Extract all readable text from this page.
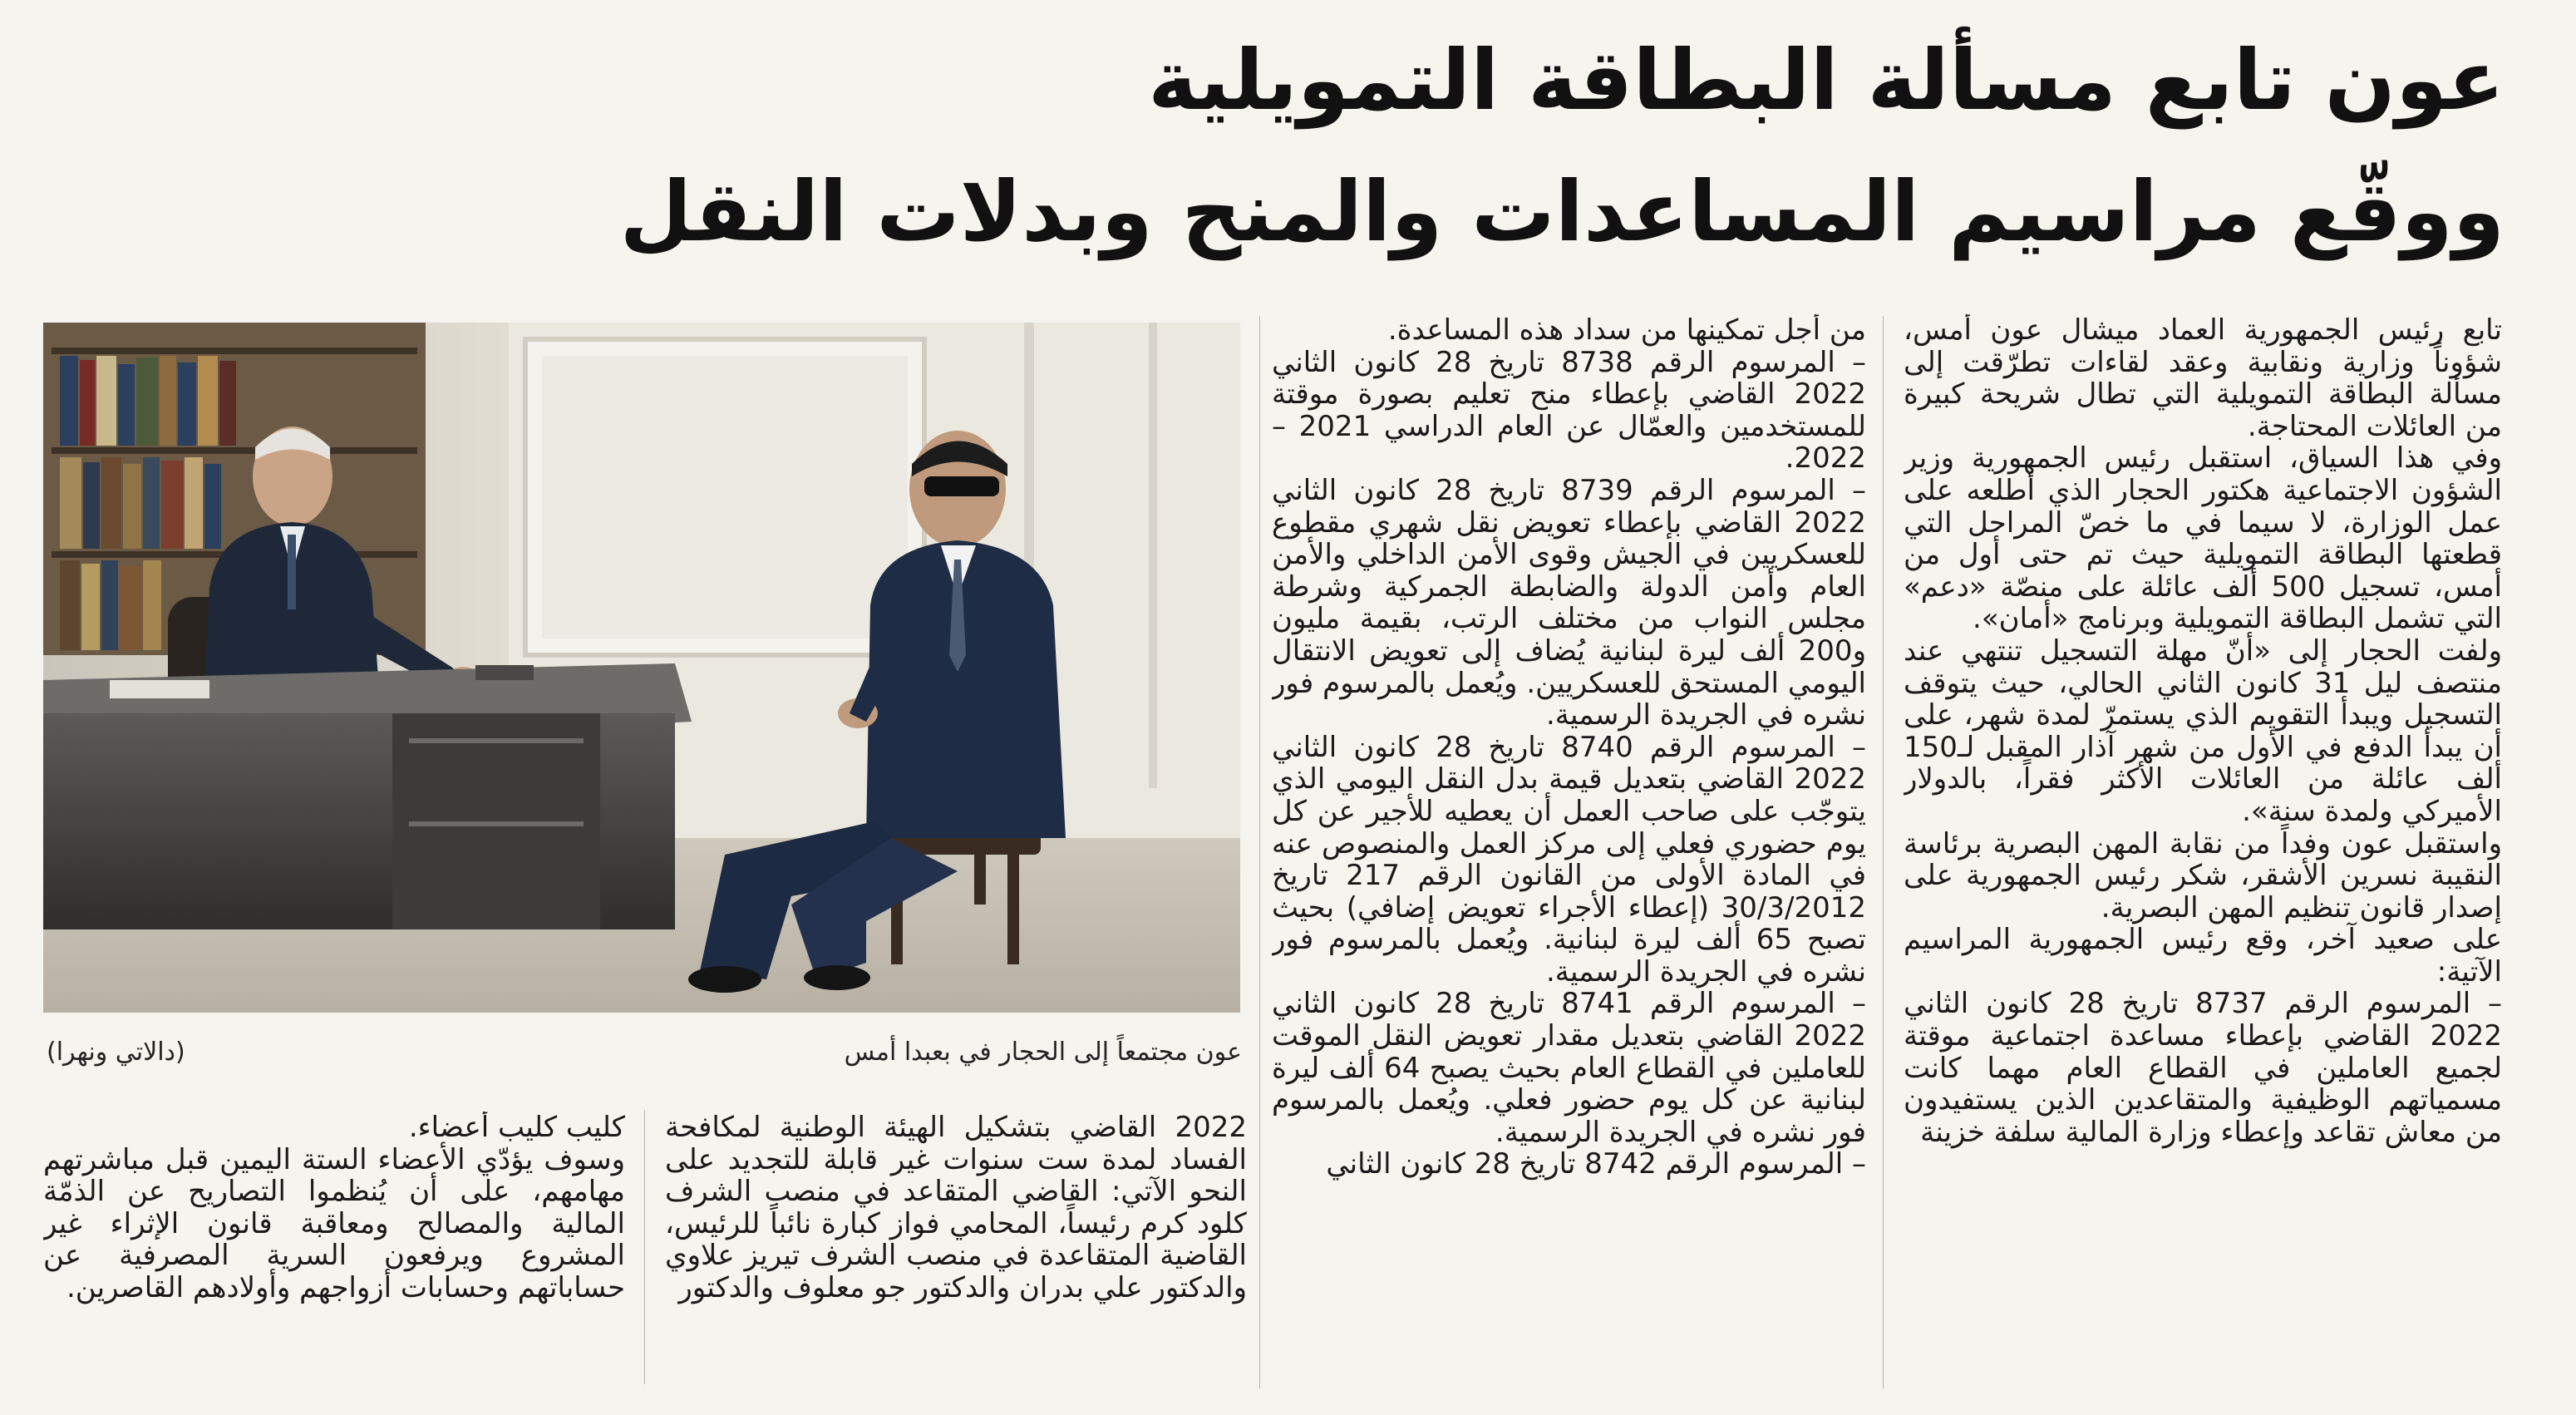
عون تابع مسألة البطاقة التمويلية
ووقّع مراسيم المساعدات والمنح وبدلات النقل

تابع رئيس الجمهورية العماد ميشال عون أمس، شؤوناً وزارية ونقابية وعقد لقاءات تطرّقت إلى مسألة البطاقة التمويلية التي تطال شريحة كبيرة من العائلات المحتاجة.

وفي هذا السياق، استقبل رئيس الجمهورية وزير الشؤون الاجتماعية هكتور الحجار الذي أطلعه على عمل الوزارة، لا سيما في ما خصّ المراحل التي قطعتها البطاقة التمويلية حيث تم حتى أول من أمس، تسجيل 500 ألف عائلة على منصّة «دعم» التي تشمل البطاقة التمويلية وبرنامج «أمان».

ولفت الحجار إلى «أنّ مهلة التسجيل تنتهي عند منتصف ليل 31 كانون الثاني الحالي، حيث يتوقف التسجيل ويبدأ التقويم الذي يستمرّ لمدة شهر، على أن يبدأ الدفع في الأول من شهر آذار المقبل لـ150 ألف عائلة من العائلات الأكثر فقراً، بالدولار الأميركي ولمدة سنة».

واستقبل عون وفداً من نقابة المهن البصرية برئاسة النقيبة نسرين الأشقر، شكر رئيس الجمهورية على إصدار قانون تنظيم المهن البصرية.

على صعيد آخر، وقع رئيس الجمهورية المراسيم الآتية:

– المرسوم الرقم 8737 تاريخ 28 كانون الثاني 2022 القاضي بإعطاء مساعدة اجتماعية موقتة لجميع العاملين في القطاع العام مهما كانت مسمياتهم الوظيفية والمتقاعدين الذين يستفيدون من معاش تقاعد وإعطاء وزارة المالية سلفة خزينة

من أجل تمكينها من سداد هذه المساعدة.

– المرسوم الرقم 8738 تاريخ 28 كانون الثاني 2022 القاضي بإعطاء منح تعليم بصورة موقتة للمستخدمين والعمّال عن العام الدراسي 2021 – 2022.

– المرسوم الرقم 8739 تاريخ 28 كانون الثاني 2022 القاضي بإعطاء تعويض نقل شهري مقطوع للعسكريين في الجيش وقوى الأمن الداخلي والأمن العام وأمن الدولة والضابطة الجمركية وشرطة مجلس النواب من مختلف الرتب، بقيمة مليون و200 ألف ليرة لبنانية يُضاف إلى تعويض الانتقال اليومي المستحق للعسكريين. ويُعمل بالمرسوم فور نشره في الجريدة الرسمية.

– المرسوم الرقم 8740 تاريخ 28 كانون الثاني 2022 القاضي بتعديل قيمة بدل النقل اليومي الذي يتوجّب على صاحب العمل أن يعطيه للأجير عن كل يوم حضوري فعلي إلى مركز العمل والمنصوص عنه في المادة الأولى من القانون الرقم 217 تاريخ 30/3/2012 (إعطاء الأجراء تعويض إضافي) بحيث تصبح 65 ألف ليرة لبنانية. ويُعمل بالمرسوم فور نشره في الجريدة الرسمية.

– المرسوم الرقم 8741 تاريخ 28 كانون الثاني 2022 القاضي بتعديل مقدار تعويض النقل الموقت للعاملين في القطاع العام بحيث يصبح 64 ألف ليرة لبنانية عن كل يوم حضور فعلي. ويُعمل بالمرسوم فور نشره في الجريدة الرسمية.

– المرسوم الرقم 8742 تاريخ 28 كانون الثاني

عون مجتمعاً إلى الحجار في بعبدا أمس
(دالاتي ونهرا)

2022 القاضي بتشكيل الهيئة الوطنية لمكافحة الفساد لمدة ست سنوات غير قابلة للتجديد على النحو الآتي: القاضي المتقاعد في منصب الشرف كلود كرم رئيساً، المحامي فواز كبارة نائباً للرئيس، القاضية المتقاعدة في منصب الشرف تيريز علاوي والدكتور علي بدران والدكتور جو معلوف والدكتور

كليب كليب أعضاء.

وسوف يؤدّي الأعضاء الستة اليمين قبل مباشرتهم مهامهم، على أن يُنظموا التصاريح عن الذمّة المالية والمصالح ومعاقبة قانون الإثراء غير المشروع ويرفعون السرية المصرفية عن حساباتهم وحسابات أزواجهم وأولادهم القاصرين.
